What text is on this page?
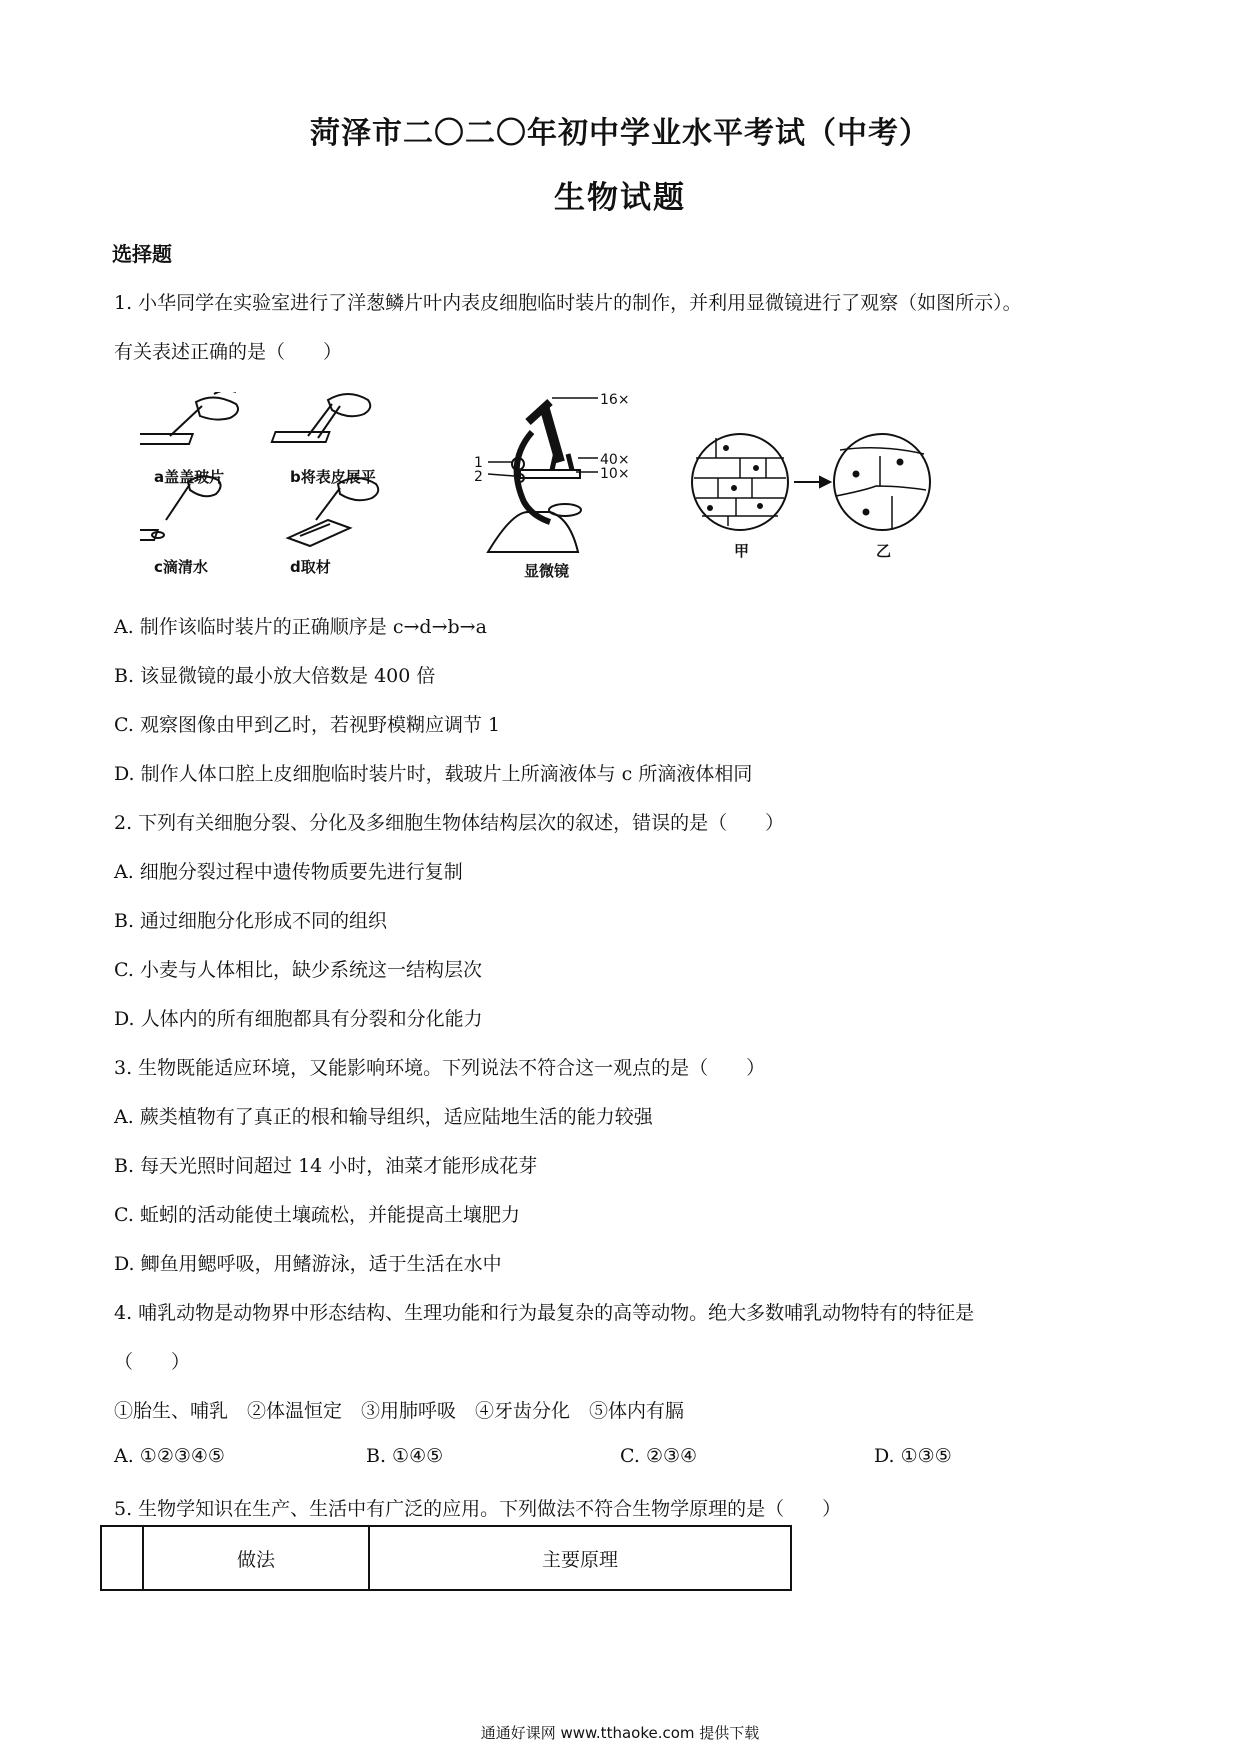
菏泽市二〇二〇年初中学业水平考试（中考）
生物试题
选择题
1. 小华同学在实验室进行了洋葱鳞片叶内表皮细胞临时装片的制作，并利用显微镜进行了观察（如图所示）。
有关表述正确的是（　　）
a盖盖玻片	b将表皮展平
c滴清水	d取材
16×
40×
10×
1
2
显微镜
甲	乙
A. 制作该临时装片的正确顺序是 c→d→b→a
B. 该显微镜的最小放大倍数是 400 倍
C. 观察图像由甲到乙时，若视野模糊应调节 1
D. 制作人体口腔上皮细胞临时装片时，载玻片上所滴液体与 c 所滴液体相同
2. 下列有关细胞分裂、分化及多细胞生物体结构层次的叙述，错误的是（　　）
A. 细胞分裂过程中遗传物质要先进行复制
B. 通过细胞分化形成不同的组织
C. 小麦与人体相比，缺少系统这一结构层次
D. 人体内的所有细胞都具有分裂和分化能力
3. 生物既能适应环境，又能影响环境。下列说法不符合这一观点的是（　　）
A. 蕨类植物有了真正的根和输导组织，适应陆地生活的能力较强
B. 每天光照时间超过 14 小时，油菜才能形成花芽
C. 蚯蚓的活动能使土壤疏松，并能提高土壤肥力
D. 鲫鱼用鳃呼吸，用鳍游泳，适于生活在水中
4. 哺乳动物是动物界中形态结构、生理功能和行为最复杂的高等动物。绝大多数哺乳动物特有的特征是
（　　）
①胎生、哺乳　②体温恒定　③用肺呼吸　④牙齿分化　⑤体内有膈
A. ①②③④⑤	B. ①④⑤	C. ②③④	D. ①③⑤
5. 生物学知识在生产、生活中有广泛的应用。下列做法不符合生物学原理的是（　　）
	做法	主要原理
通通好课网 www.tthaoke.com 提供下载
